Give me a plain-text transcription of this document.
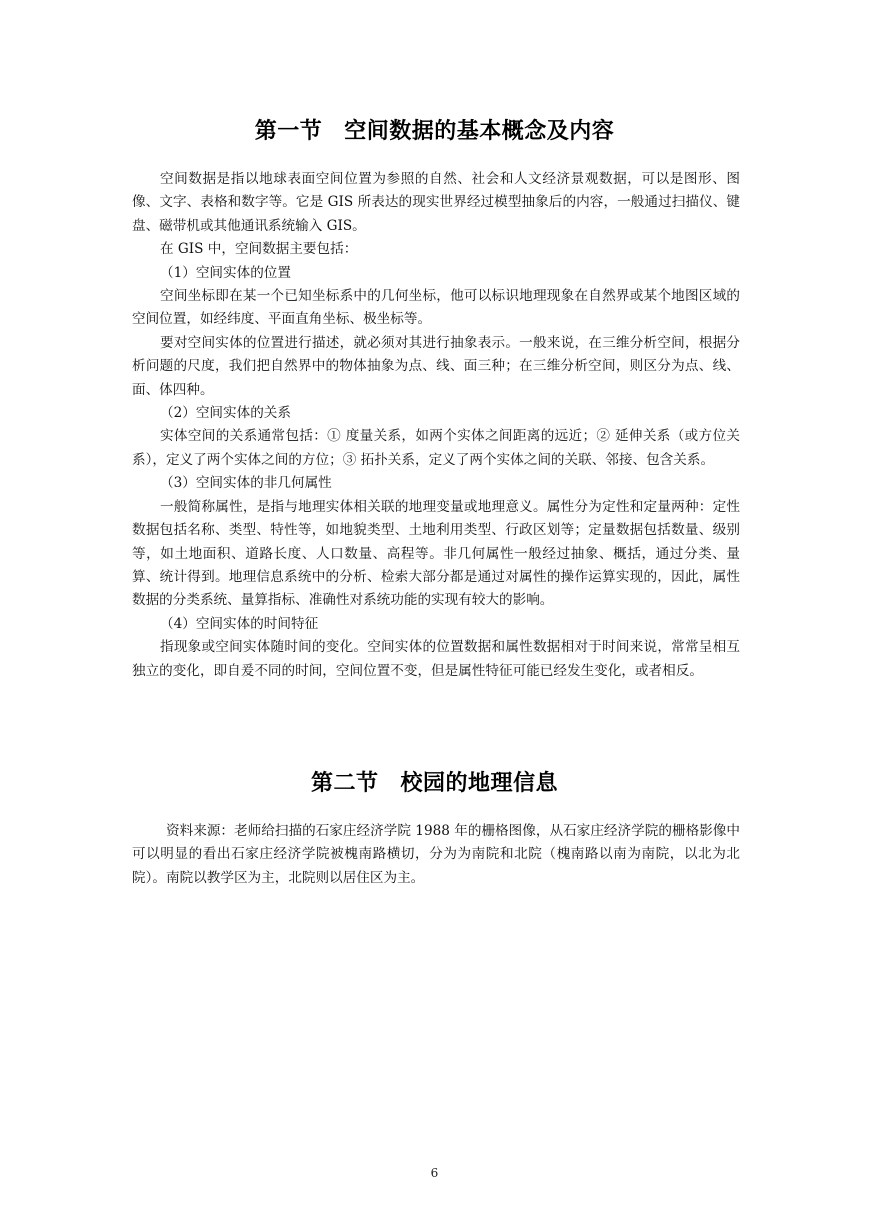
第一节 空间数据的基本概念及内容

空间数据是指以地球表面空间位置为参照的自然、社会和人文经济景观数据，可以是图形、图像、文字、表格和数字等。它是 GIS 所表达的现实世界经过模型抽象后的内容，一般通过扫描仪、键盘、磁带机或其他通讯系统输入 GIS。

在 GIS 中，空间数据主要包括：

（1）空间实体的位置

空间坐标即在某一个已知坐标系中的几何坐标，他可以标识地理现象在自然界或某个地图区域的空间位置，如经纬度、平面直角坐标、极坐标等。

要对空间实体的位置进行描述，就必须对其进行抽象表示。一般来说，在三维分析空间，根据分析问题的尺度，我们把自然界中的物体抽象为点、线、面三种；在三维分析空间，则区分为点、线、面、体四种。

（2）空间实体的关系

实体空间的关系通常包括：① 度量关系，如两个实体之间距离的远近；② 延伸关系（或方位关系），定义了两个实体之间的方位；③ 拓扑关系，定义了两个实体之间的关联、邻接、包含关系。

（3）空间实体的非几何属性

一般简称属性，是指与地理实体相关联的地理变量或地理意义。属性分为定性和定量两种：定性数据包括名称、类型、特性等，如地貌类型、土地利用类型、行政区划等；定量数据包括数量、级别等，如土地面积、道路长度、人口数量、高程等。非几何属性一般经过抽象、概括，通过分类、量算、统计得到。地理信息系统中的分析、检索大部分都是通过对属性的操作运算实现的，因此，属性数据的分类系统、量算指标、准确性对系统功能的实现有较大的影响。

（4）空间实体的时间特征

指现象或空间实体随时间的变化。空间实体的位置数据和属性数据相对于时间来说，常常呈相互独立的变化，即自爰不同的时间，空间位置不变，但是属性特征可能已经发生变化，或者相反。

第二节 校园的地理信息

资料来源：老师给扫描的石家庄经济学院 1988 年的栅格图像，从石家庄经济学院的栅格影像中可以明显的看出石家庄经济学院被槐南路横切，分为为南院和北院（槐南路以南为南院，以北为北院）。南院以教学区为主，北院则以居住区为主。

6
